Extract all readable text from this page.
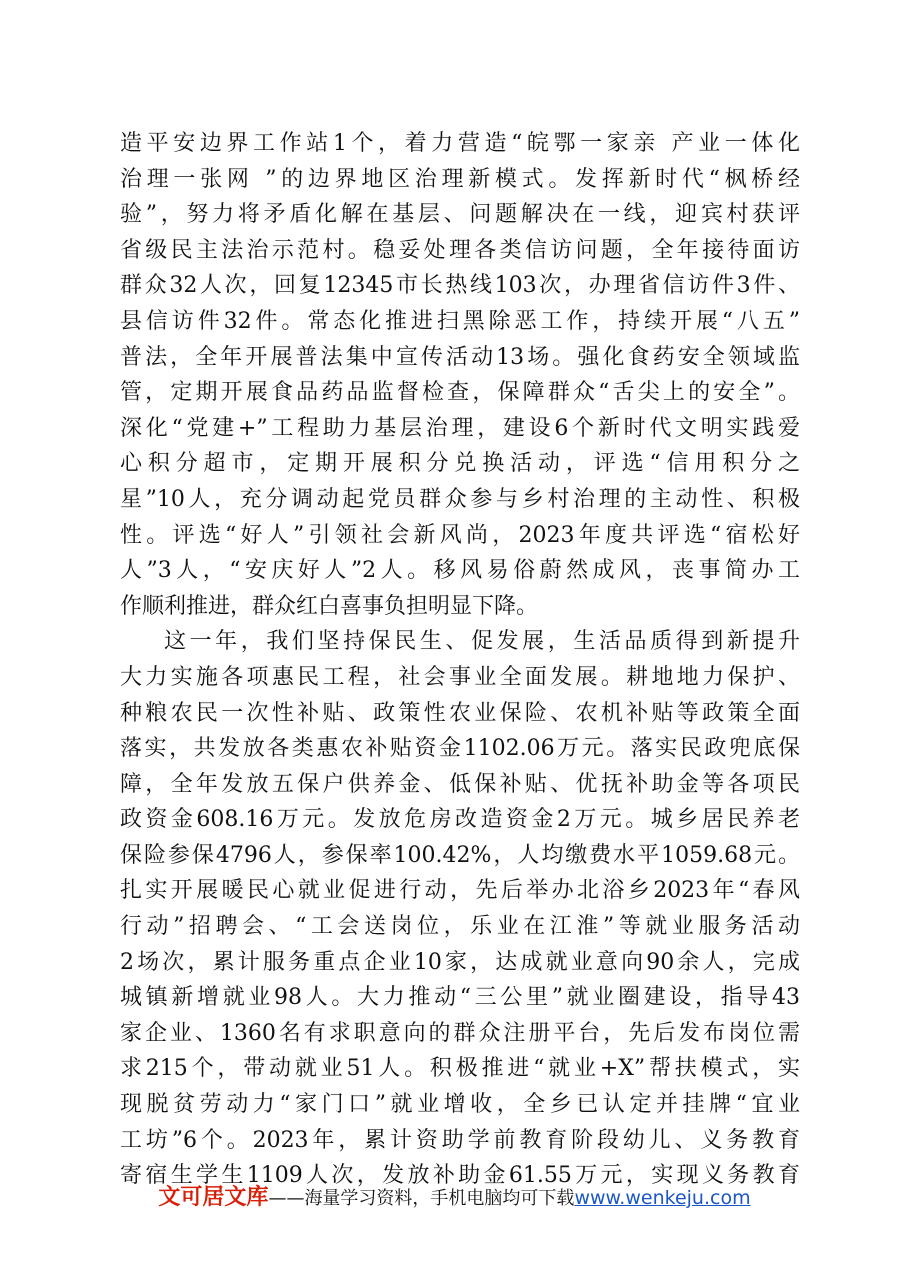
造平安边界工作站1个，着力营造“皖鄂一家亲 产业一体化
治理一张网 ”的边界地区治理新模式。发挥新时代“枫桥经
验”，努力将矛盾化解在基层、问题解决在一线，迎宾村获评
省级民主法治示范村。稳妥处理各类信访问题，全年接待面访
群众32人次，回复12345市长热线103次，办理省信访件3件、
县信访件32件。常态化推进扫黑除恶工作，持续开展“八五”
普法，全年开展普法集中宣传活动13场。强化食药安全领域监
管，定期开展食品药品监督检查，保障群众“舌尖上的安全”。
深化“党建+”工程助力基层治理，建设6个新时代文明实践爱
心积分超市，定期开展积分兑换活动，评选“信用积分之
星”10人，充分调动起党员群众参与乡村治理的主动性、积极
性。评选“好人”引领社会新风尚，2023年度共评选“宿松好
人”3人，“安庆好人”2人。移风易俗蔚然成风，丧事简办工
作顺利推进，群众红白喜事负担明显下降。
这一年，我们坚持保民生、促发展，生活品质得到新提升
大力实施各项惠民工程，社会事业全面发展。耕地地力保护、
种粮农民一次性补贴、政策性农业保险、农机补贴等政策全面
落实，共发放各类惠农补贴资金1102.06万元。落实民政兜底保
障，全年发放五保户供养金、低保补贴、优抚补助金等各项民
政资金608.16万元。发放危房改造资金2万元。城乡居民养老
保险参保4796人，参保率100.42%，人均缴费水平1059.68元。
扎实开展暖民心就业促进行动，先后举办北浴乡2023年“春风
行动”招聘会、“工会送岗位，乐业在江淮”等就业服务活动
2场次，累计服务重点企业10家，达成就业意向90余人，完成
城镇新增就业98人。大力推动“三公里”就业圈建设，指导43
家企业、1360名有求职意向的群众注册平台，先后发布岗位需
求215个，带动就业51人。积极推进“就业+X”帮扶模式，实
现脱贫劳动力“家门口”就业增收，全乡已认定并挂牌“宜业
工坊”6个。2023年，累计资助学前教育阶段幼儿、义务教育
寄宿生学生1109人次，发放补助金61.55万元，实现义务教育
文可居文库——海量学习资料，手机电脑均可下载www.wenkeju.com
